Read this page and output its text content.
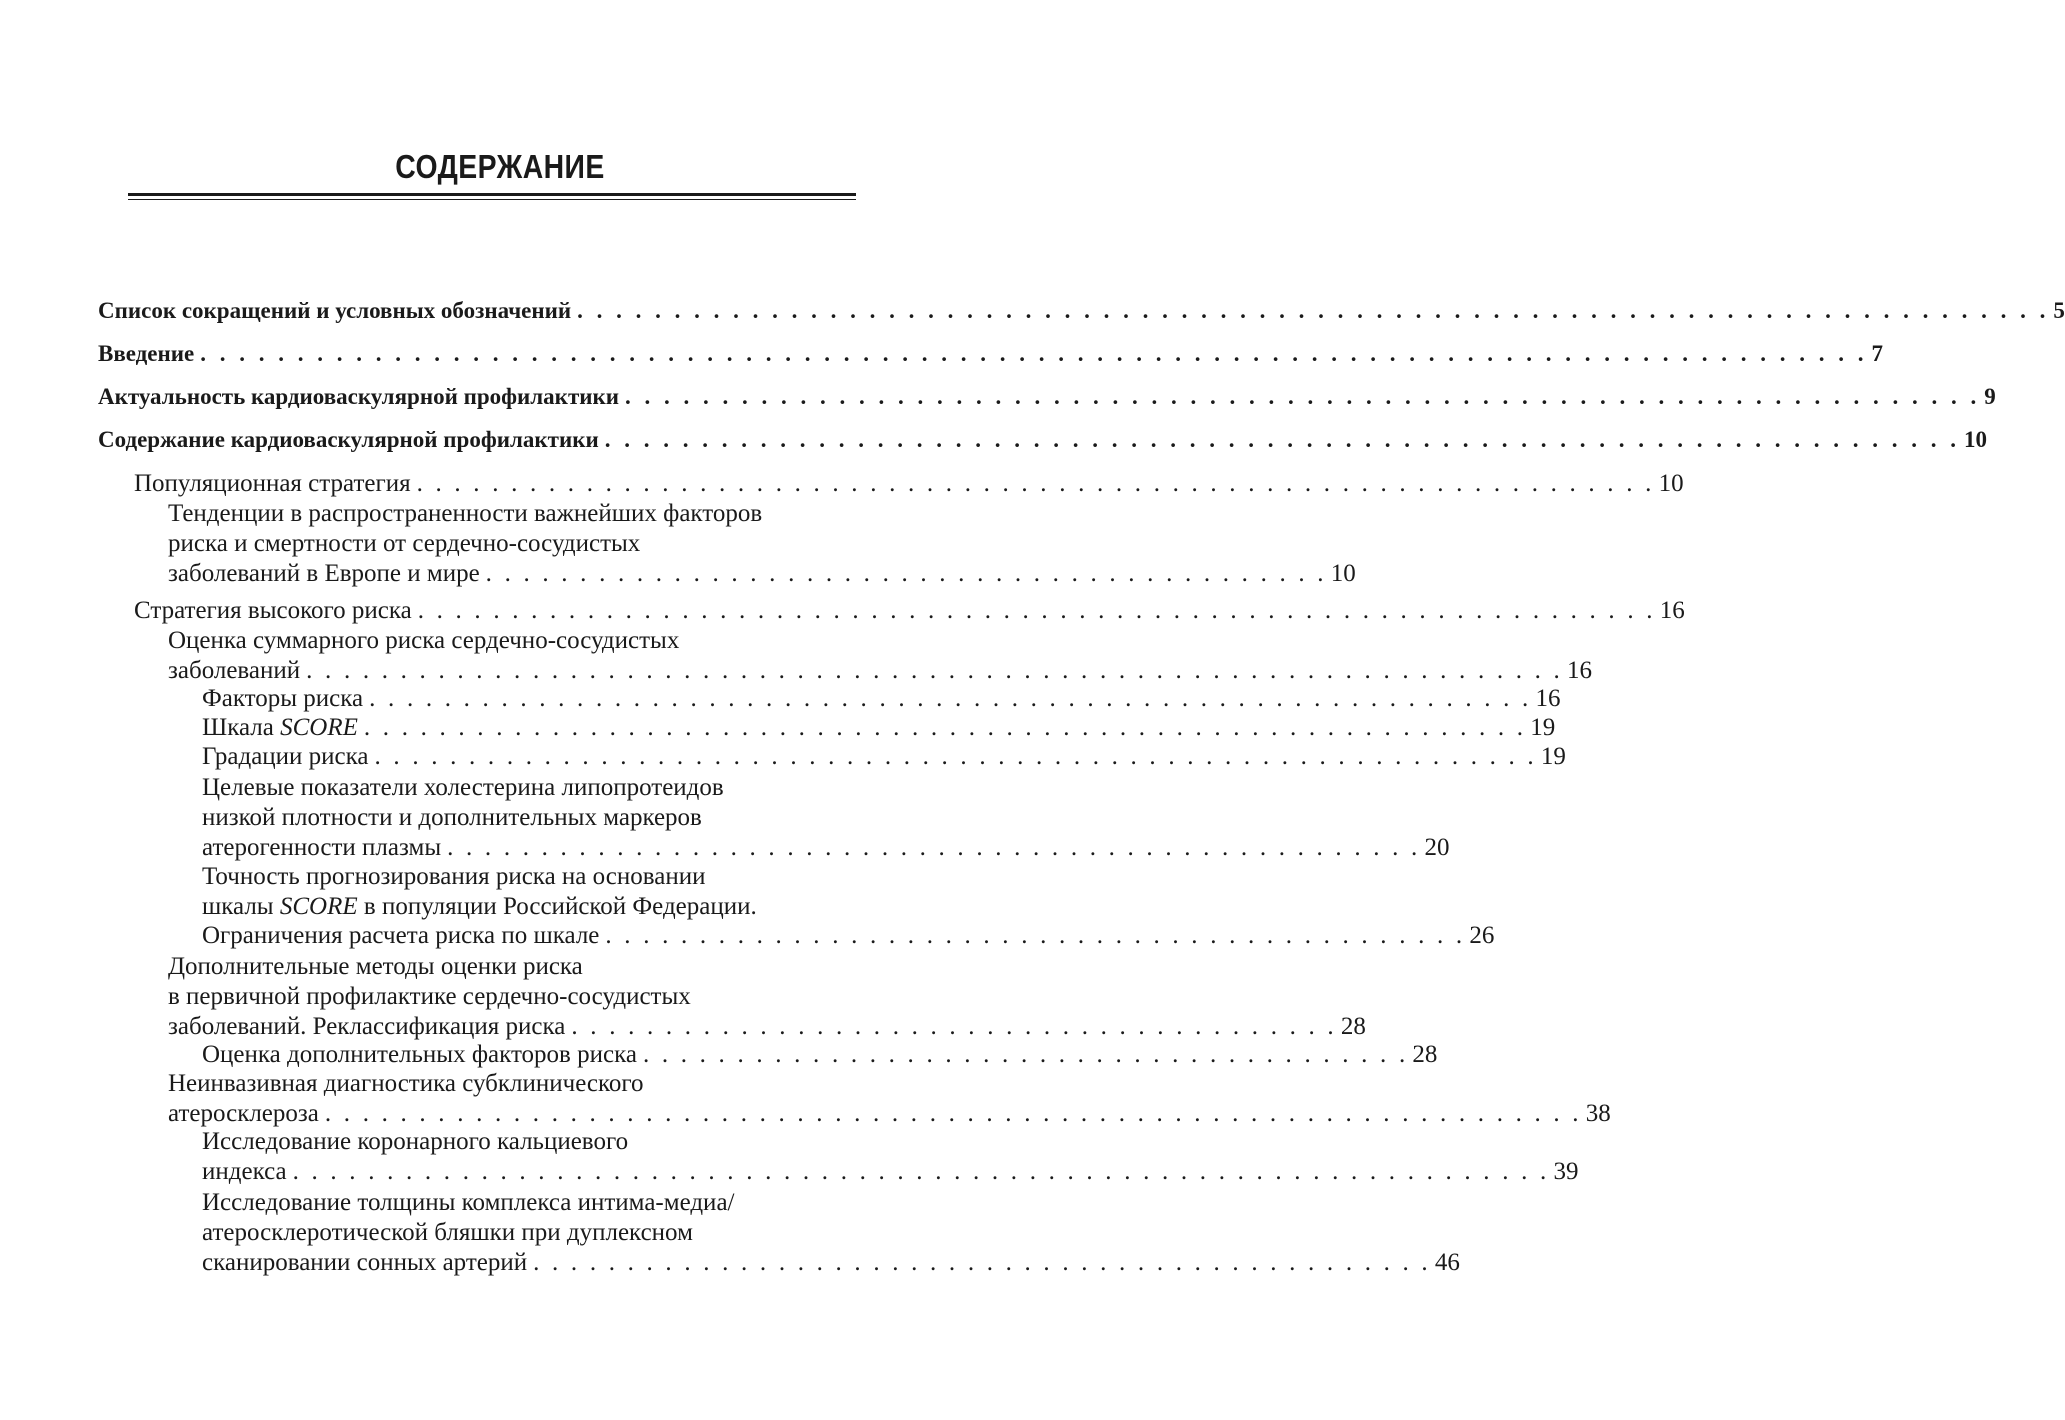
СОДЕРЖАНИЕ
Список сокращений и условных обозначений . . . . . . . . . . . . . . . . . . . . . . . . . . . . . . . . . . . . . . . . . . . . . . . . . . . . . . . . . . . . . . . . . . . . . . . . . . . . 5
Введение . . . . . . . . . . . . . . . . . . . . . . . . . . . . . . . . . . . . . . . . . . . . . . . . . . . . . . . . . . . . . . . . . . . . . . . . . . . . . . . . . . . . . . 7
Актуальность кардиоваскулярной профилактики . . . . . . . . . . . . . . . . . . . . . . . . . . . . . . . . . . . . . . . . . . . . . . . . . . . . . . . . . . . . . . . . . . . . . . 9
Содержание кардиоваскулярной профилактики . . . . . . . . . . . . . . . . . . . . . . . . . . . . . . . . . . . . . . . . . . . . . . . . . . . . . . . . . . . . . . . . . . . . . . 10
Популяционная стратегия . . . . . . . . . . . . . . . . . . . . . . . . . . . . . . . . . . . . . . . . . . . . . . . . . . . . . . . . . . . . . . . . . . 10
Тенденции в распространенности важнейших факторов
риска и смертности от сердечно-сосудистых
заболеваний в Европе и мире . . . . . . . . . . . . . . . . . . . . . . . . . . . . . . . . . . . . . . . . . . . . . 10
Стратегия высокого риска . . . . . . . . . . . . . . . . . . . . . . . . . . . . . . . . . . . . . . . . . . . . . . . . . . . . . . . . . . . . . . . . . . 16
Оценка суммарного риска сердечно-сосудистых
заболеваний . . . . . . . . . . . . . . . . . . . . . . . . . . . . . . . . . . . . . . . . . . . . . . . . . . . . . . . . . . . . . . . . . . . 16
Факторы риска . . . . . . . . . . . . . . . . . . . . . . . . . . . . . . . . . . . . . . . . . . . . . . . . . . . . . . . . . . . . . . 16
Шкала SCORE . . . . . . . . . . . . . . . . . . . . . . . . . . . . . . . . . . . . . . . . . . . . . . . . . . . . . . . . . . . . . . 19
Градации риска . . . . . . . . . . . . . . . . . . . . . . . . . . . . . . . . . . . . . . . . . . . . . . . . . . . . . . . . . . . . . . 19
Целевые показатели холестерина липопротеидов
низкой плотности и дополнительных маркеров
атерогенности плазмы . . . . . . . . . . . . . . . . . . . . . . . . . . . . . . . . . . . . . . . . . . . . . . . . . . . . 20
Точность прогнозирования риска на основании
шкалы SCORE в популяции Российской Федерации.
Ограничения расчета риска по шкале . . . . . . . . . . . . . . . . . . . . . . . . . . . . . . . . . . . . . . . . . . . . . . 26
Дополнительные методы оценки риска
в первичной профилактике сердечно-сосудистых
заболеваний. Реклассификация риска . . . . . . . . . . . . . . . . . . . . . . . . . . . . . . . . . . . . . . . . . 28
Оценка дополнительных факторов риска . . . . . . . . . . . . . . . . . . . . . . . . . . . . . . . . . . . . . . . . . 28
Неинвазивная диагностика субклинического
атеросклероза . . . . . . . . . . . . . . . . . . . . . . . . . . . . . . . . . . . . . . . . . . . . . . . . . . . . . . . . . . . . . . . . . . . 38
Исследование коронарного кальциевого
индекса . . . . . . . . . . . . . . . . . . . . . . . . . . . . . . . . . . . . . . . . . . . . . . . . . . . . . . . . . . . . . . . . . . . 39
Исследование толщины комплекса интима-медиа/
атеросклеротической бляшки при дуплексном
сканировании сонных артерий . . . . . . . . . . . . . . . . . . . . . . . . . . . . . . . . . . . . . . . . . . . . . . . . 46
